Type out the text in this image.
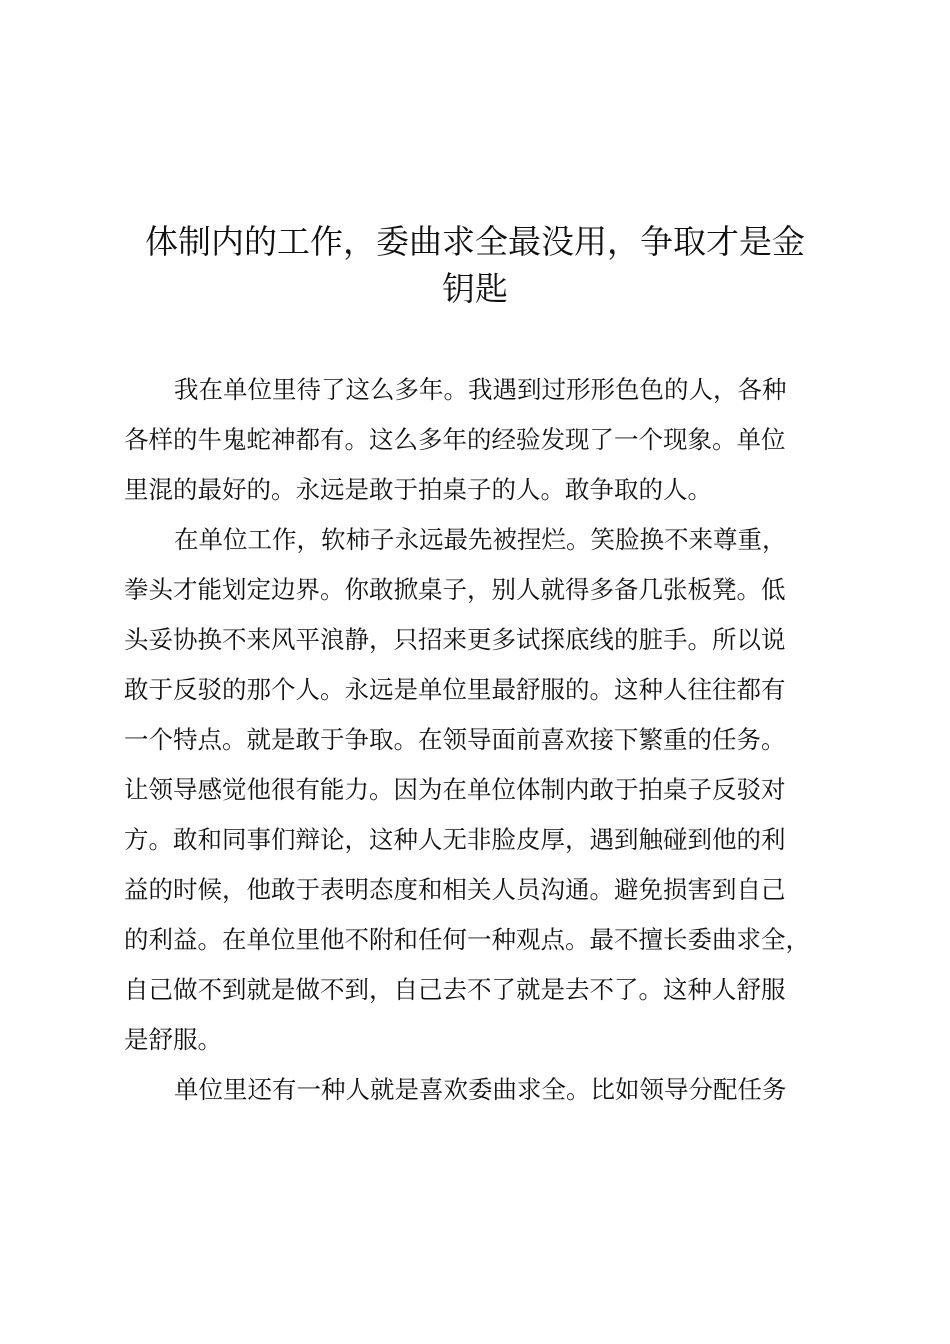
体制内的工作，委曲求全最没用，争取才是金
钥匙
我在单位里待了这么多年。我遇到过形形色色的人，各种
各样的牛鬼蛇神都有。这么多年的经验发现了一个现象。单位
里混的最好的。永远是敢于拍桌子的人。敢争取的人。
在单位工作，软柿子永远最先被捏烂。笑脸换不来尊重，
拳头才能划定边界。你敢掀桌子，别人就得多备几张板凳。低
头妥协换不来风平浪静，只招来更多试探底线的脏手。所以说
敢于反驳的那个人。永远是单位里最舒服的。这种人往往都有
一个特点。就是敢于争取。在领导面前喜欢接下繁重的任务。
让领导感觉他很有能力。因为在单位体制内敢于拍桌子反驳对
方。敢和同事们辩论，这种人无非脸皮厚，遇到触碰到他的利
益的时候，他敢于表明态度和相关人员沟通。避免损害到自己
的利益。在单位里他不附和任何一种观点。最不擅长委曲求全，
自己做不到就是做不到，自己去不了就是去不了。这种人舒服
是舒服。
单位里还有一种人就是喜欢委曲求全。比如领导分配任务
